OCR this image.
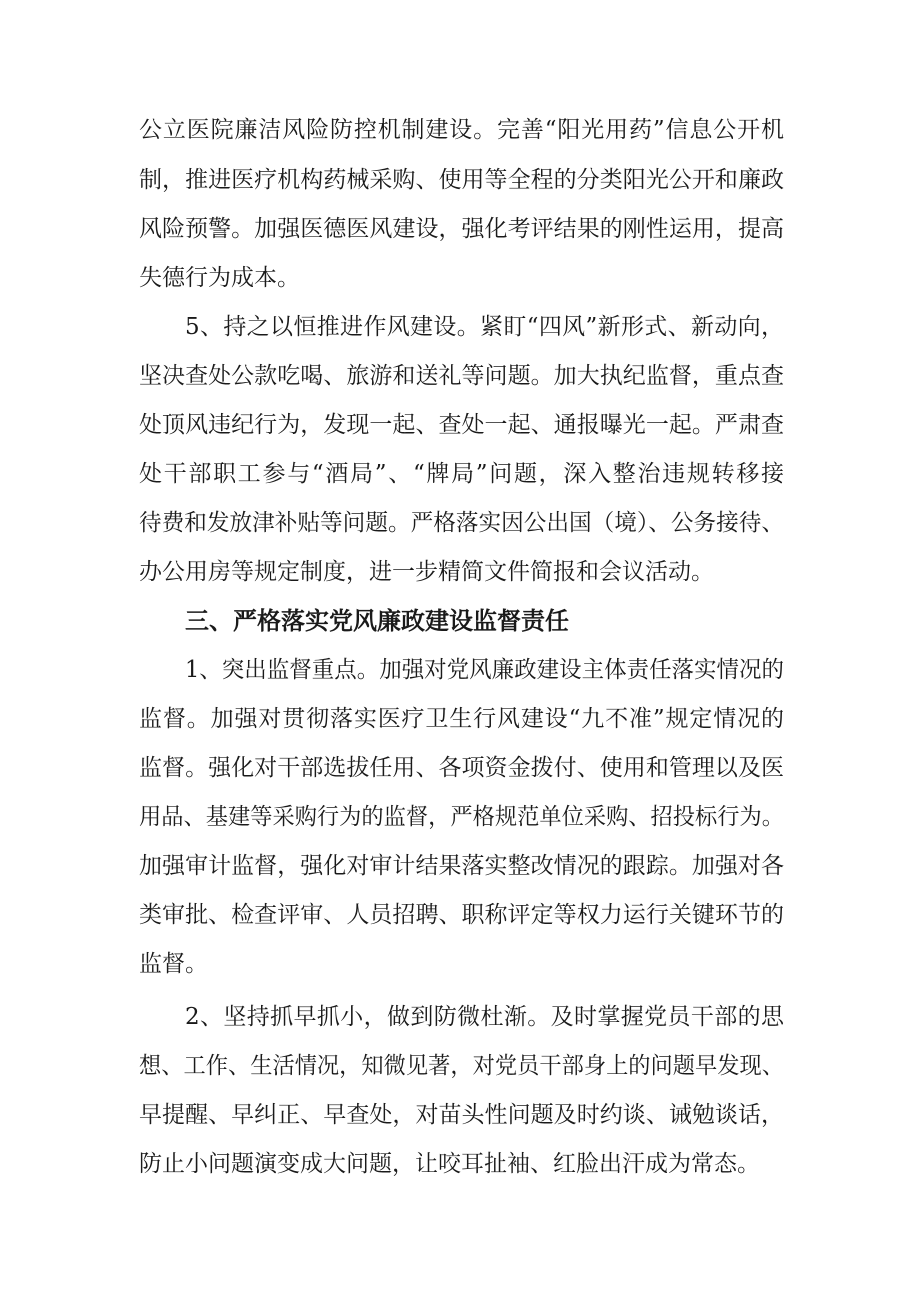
公立医院廉洁风险防控机制建设。完善“阳光用药”信息公开机
制，推进医疗机构药械采购、使用等全程的分类阳光公开和廉政
风险预警。加强医德医风建设，强化考评结果的刚性运用，提高
失德行为成本。
5、持之以恒推进作风建设。紧盯“四风”新形式、新动向，
坚决查处公款吃喝、旅游和送礼等问题。加大执纪监督，重点查
处顶风违纪行为，发现一起、查处一起、通报曝光一起。严肃查
处干部职工参与“酒局”、“牌局”问题，深入整治违规转移接
待费和发放津补贴等问题。严格落实因公出国（境）、公务接待、
办公用房等规定制度，进一步精简文件简报和会议活动。
三、严格落实党风廉政建设监督责任
1、突出监督重点。加强对党风廉政建设主体责任落实情况的
监督。加强对贯彻落实医疗卫生行风建设“九不准”规定情况的
监督。强化对干部选拔任用、各项资金拨付、使用和管理以及医
用品、基建等采购行为的监督，严格规范单位采购、招投标行为。
加强审计监督，强化对审计结果落实整改情况的跟踪。加强对各
类审批、检查评审、人员招聘、职称评定等权力运行关键环节的
监督。
2、坚持抓早抓小，做到防微杜渐。及时掌握党员干部的思
想、工作、生活情况，知微见著，对党员干部身上的问题早发现、
早提醒、早纠正、早查处，对苗头性问题及时约谈、诫勉谈话，
防止小问题演变成大问题，让咬耳扯袖、红脸出汗成为常态。
